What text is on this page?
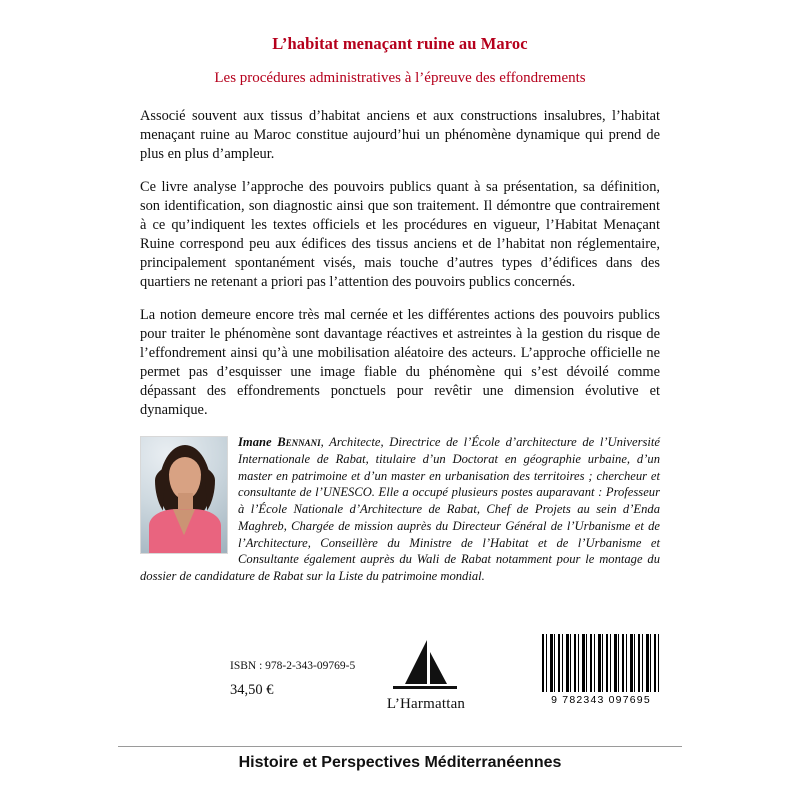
L’habitat menaçant ruine au Maroc
Les procédures administratives à l’épreuve des effondrements

Associé souvent aux tissus d’habitat anciens et aux constructions insalubres, l’habitat menaçant ruine au Maroc constitue aujourd’hui un phénomène dynamique qui prend de plus en plus d’ampleur.

Ce livre analyse l’approche des pouvoirs publics quant à sa présentation, sa définition, son identification, son diagnostic ainsi que son traitement. Il démontre que contrairement à ce qu’indiquent les textes officiels et les procédures en vigueur, l’Habitat Menaçant Ruine correspond peu aux édifices des tissus anciens et de l’habitat non réglementaire, principalement spontanément visés, mais touche d’autres types d’édifices dans des quartiers ne retenant a priori pas l’attention des pouvoirs publics concernés.

La notion demeure encore très mal cernée et les différentes actions des pouvoirs publics pour traiter le phénomène sont davantage réactives et astreintes à la gestion du risque de l’effondrement ainsi qu’à une mobilisation aléatoire des acteurs. L’approche officielle ne permet pas d’esquisser une image fiable du phénomène qui s’est dévoilé comme dépassant des effondrements ponctuels pour revêtir une dimension évolutive et dynamique.

Imane Bennani, Architecte, Directrice de l’École d’architecture de l’Université Internationale de Rabat, titulaire d’un Doctorat en géographie urbaine, d’un master en patrimoine et d’un master en urbanisation des territoires ; chercheur et consultante de l’UNESCO. Elle a occupé plusieurs postes auparavant : Professeur à l’École Nationale d’Architecture de Rabat, Chef de Projets au sein d’Enda Maghreb, Chargée de mission auprès du Directeur Général de l’Urbanisme et de l’Architecture, Conseillère du Ministre de l’Habitat et de l’Urbanisme et Consultante également auprès du Wali de Rabat notamment pour le montage du dossier de candidature de Rabat sur la Liste du patrimoine mondial.
ISBN : 978-2-343-09769-5
34,50 €
L’Harmattan	9 782343 097695
Histoire et Perspectives Méditerranéennes
